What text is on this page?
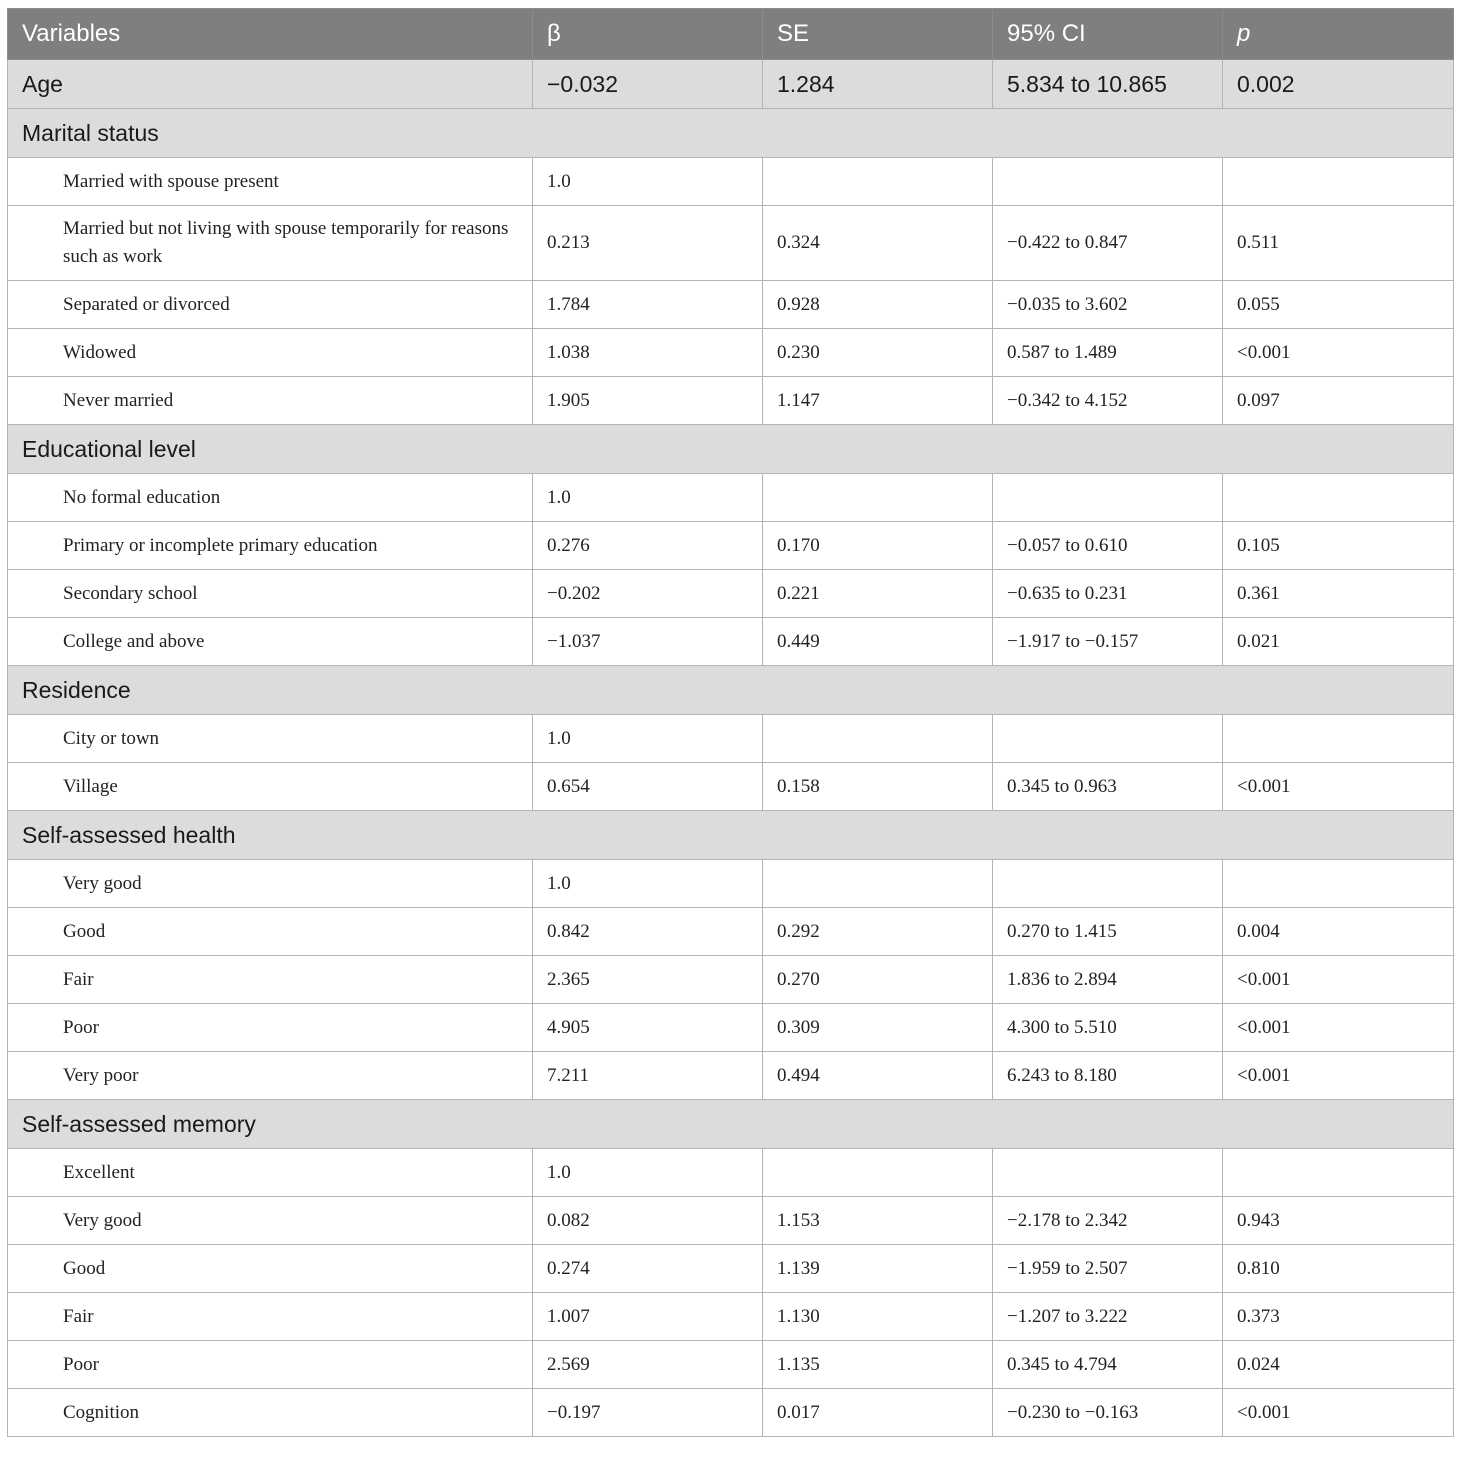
Variables	β	SE	95% CI	p
Age	−0.032	1.284	5.834 to 10.865	0.002
Marital status				
Married with spouse present	1.0			
Married but not living with spouse temporarily for reasons such as work	0.213	0.324	−0.422 to 0.847	0.511
Separated or divorced	1.784	0.928	−0.035 to 3.602	0.055
Widowed	1.038	0.230	0.587 to 1.489	<0.001
Never married	1.905	1.147	−0.342 to 4.152	0.097
Educational level				
No formal education	1.0			
Primary or incomplete primary education	0.276	0.170	−0.057 to 0.610	0.105
Secondary school	−0.202	0.221	−0.635 to 0.231	0.361
College and above	−1.037	0.449	−1.917 to −0.157	0.021
Residence				
City or town	1.0			
Village	0.654	0.158	0.345 to 0.963	<0.001
Self-assessed health				
Very good	1.0			
Good	0.842	0.292	0.270 to 1.415	0.004
Fair	2.365	0.270	1.836 to 2.894	<0.001
Poor	4.905	0.309	4.300 to 5.510	<0.001
Very poor	7.211	0.494	6.243 to 8.180	<0.001
Self-assessed memory				
Excellent	1.0			
Very good	0.082	1.153	−2.178 to 2.342	0.943
Good	0.274	1.139	−1.959 to 2.507	0.810
Fair	1.007	1.130	−1.207 to 3.222	0.373
Poor	2.569	1.135	0.345 to 4.794	0.024
Cognition	−0.197	0.017	−0.230 to −0.163	<0.001
